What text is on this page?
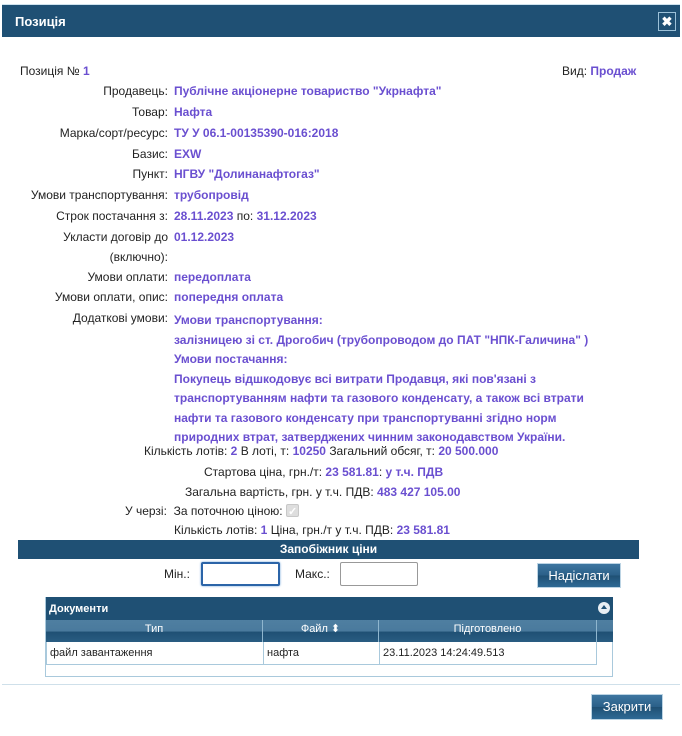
Позиція	✖
Позиція № 1	Вид: Продаж
Продавець: Публічне акціонерне товариство "Укрнафта"
Товар: Нафта
Марка/сорт/ресурс: ТУ У 06.1-00135390-016:2018
Базис: EXW
Пункт: НГВУ "Долинанафтогаз"
Умови транспортування: трубопровід
Строк постачання з: 28.11.2023 по: 31.12.2023
Укласти договір до
(включно):
01.12.2023
Умови оплати: передоплата
Умови оплати, опис: попередня оплата
Додаткові умови: Умови транспортування:
залізницею зі ст. Дрогобич (трубопроводом до ПАТ "НПК-Галичина" )
Умови постачання:
Покупець відшкодовує всі витрати Продавця, які пов'язані з
транспортуванням нафти та газового конденсату, а також всі втрати
нафти та газового конденсату при транспортуванні згідно норм
природних втрат, затверджених чинним законодавством України.
Кількість лотів: 2 В лоті, т: 10250 Загальний обсяг, т: 20 500.000
Стартова ціна, грн./т: 23 581.81: у т.ч. ПДВ
Загальна вартість, грн. у т.ч. ПДВ: 483 427 105.00
У черзі: За поточною ціною: ✓
Кількість лотів: 1 Ціна, грн./т у т.ч. ПДВ: 23 581.81
Запобіжник ціни
Мін.:	Макс.:	Надіслати
Документи
Тип	Файл ⬍	Підготовлено
файл завантаження	нафта	23.11.2023 14:24:49.513
Закрити
